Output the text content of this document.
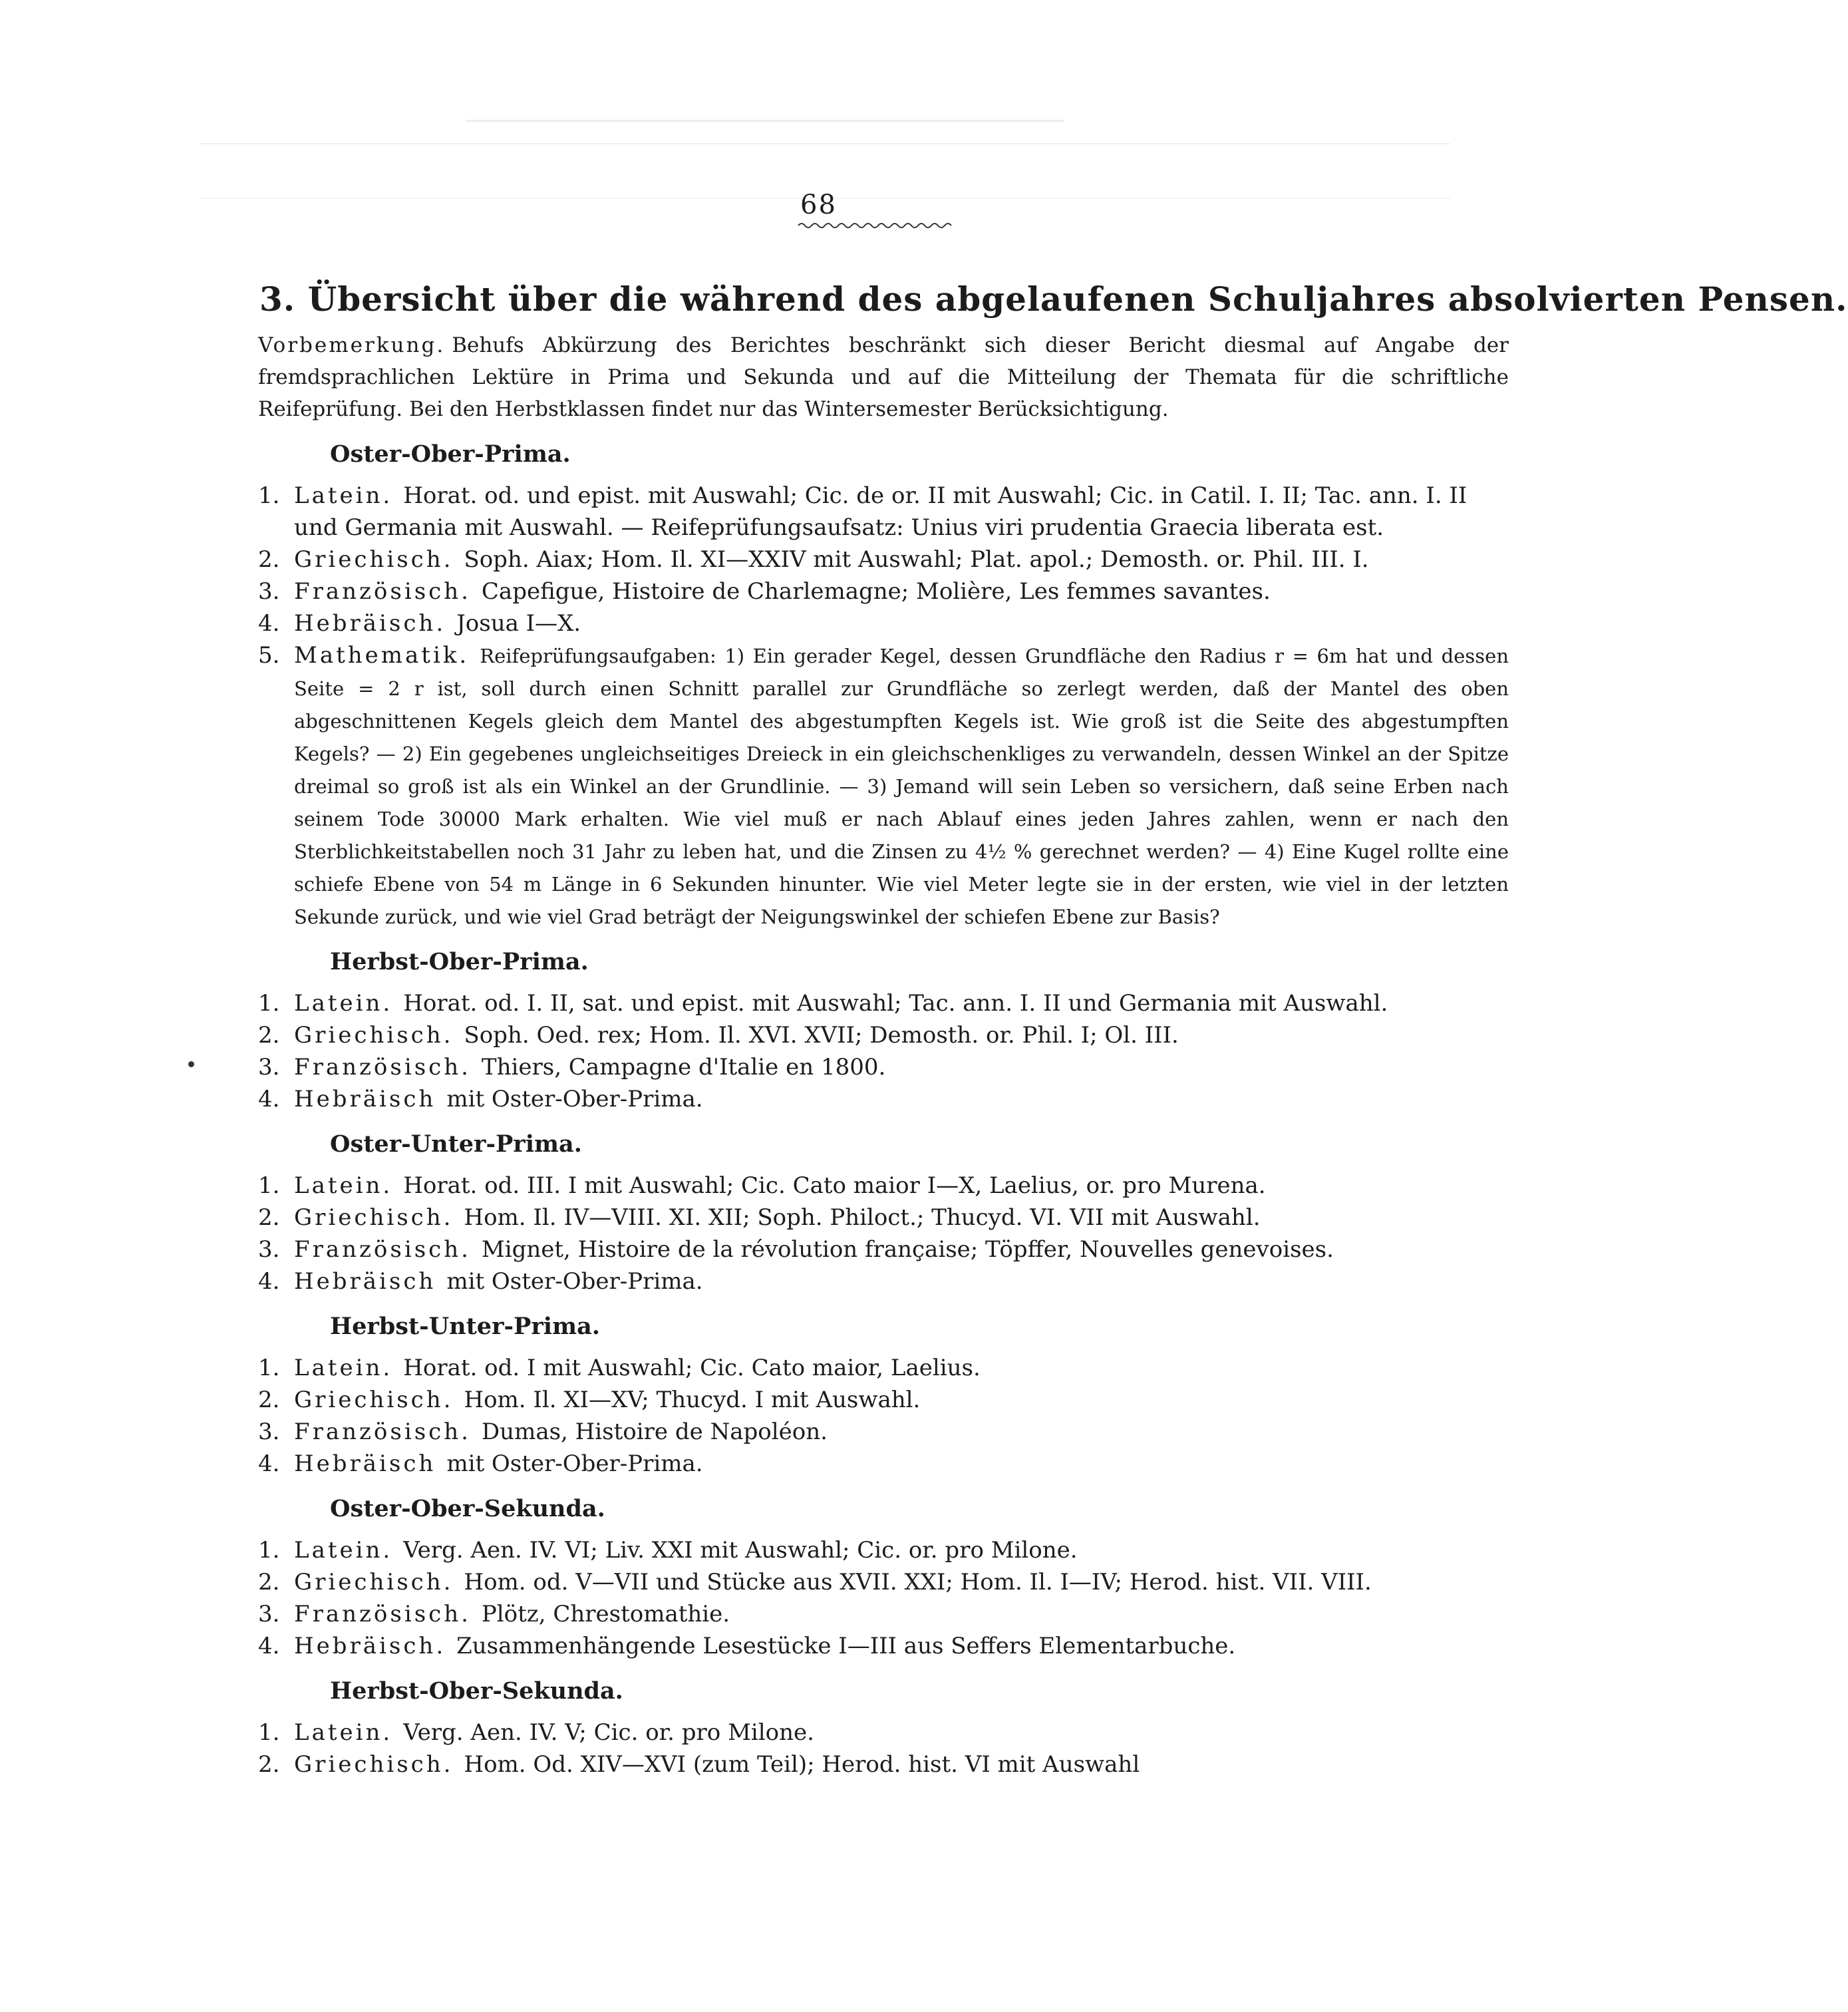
68
3. Übersicht über die während des abgelaufenen Schuljahres absolvierten Pensen.

Vorbemerkung. Behufs Abkürzung des Berichtes beschränkt sich dieser Bericht diesmal auf Angabe der fremdsprachlichen Lektüre in Prima und Sekunda und auf die Mitteilung der Themata für die schriftliche Reifeprüfung. Bei den Herbstklassen findet nur das Wintersemester Berücksichtigung.

Oster-Ober-Prima.
1. Latein. Horat. od. und epist. mit Auswahl; Cic. de or. II mit Auswahl; Cic. in Catil. I. II; Tac. ann. I. II und Germania mit Auswahl. — Reifeprüfungsaufsatz: Unius viri prudentia Graecia liberata est.
2. Griechisch. Soph. Aiax; Hom. Il. XI—XXIV mit Auswahl; Plat. apol.; Demosth. or. Phil. III. I.
3. Französisch. Capefigue, Histoire de Charlemagne; Molière, Les femmes savantes.
4. Hebräisch. Josua I—X.
5. Mathematik. Reifeprüfungsaufgaben: 1) Ein gerader Kegel, dessen Grundfläche den Radius r = 6m hat und dessen Seite = 2 r ist, soll durch einen Schnitt parallel zur Grundfläche so zerlegt werden, daß der Mantel des oben abgeschnittenen Kegels gleich dem Mantel des abgestumpften Kegels ist. Wie groß ist die Seite des abgestumpften Kegels? — 2) Ein gegebenes ungleichseitiges Dreieck in ein gleichschenkliges zu verwandeln, dessen Winkel an der Spitze dreimal so groß ist als ein Winkel an der Grundlinie. — 3) Jemand will sein Leben so versichern, daß seine Erben nach seinem Tode 30000 Mark erhalten. Wie viel muß er nach Ablauf eines jeden Jahres zahlen, wenn er nach den Sterblichkeitstabellen noch 31 Jahr zu leben hat, und die Zinsen zu 4½ % gerechnet werden? — 4) Eine Kugel rollte eine schiefe Ebene von 54 m Länge in 6 Sekunden hinunter. Wie viel Meter legte sie in der ersten, wie viel in der letzten Sekunde zurück, und wie viel Grad beträgt der Neigungswinkel der schiefen Ebene zur Basis?
Herbst-Ober-Prima.
1. Latein. Horat. od. I. II, sat. und epist. mit Auswahl; Tac. ann. I. II und Germania mit Auswahl.
2. Griechisch. Soph. Oed. rex; Hom. Il. XVI. XVII; Demosth. or. Phil. I; Ol. III.
3. Französisch. Thiers, Campagne d'Italie en 1800.
4. Hebräisch mit Oster-Ober-Prima.
Oster-Unter-Prima.
1. Latein. Horat. od. III. I mit Auswahl; Cic. Cato maior I—X, Laelius, or. pro Murena.
2. Griechisch. Hom. Il. IV—VIII. XI. XII; Soph. Philoct.; Thucyd. VI. VII mit Auswahl.
3. Französisch. Mignet, Histoire de la révolution française; Töpffer, Nouvelles genevoises.
4. Hebräisch mit Oster-Ober-Prima.
Herbst-Unter-Prima.
1. Latein. Horat. od. I mit Auswahl; Cic. Cato maior, Laelius.
2. Griechisch. Hom. Il. XI—XV; Thucyd. I mit Auswahl.
3. Französisch. Dumas, Histoire de Napoléon.
4. Hebräisch mit Oster-Ober-Prima.
Oster-Ober-Sekunda.
1. Latein. Verg. Aen. IV. VI; Liv. XXI mit Auswahl; Cic. or. pro Milone.
2. Griechisch. Hom. od. V—VII und Stücke aus XVII. XXI; Hom. Il. I—IV; Herod. hist. VII. VIII.
3. Französisch. Plötz, Chrestomathie.
4. Hebräisch. Zusammenhängende Lesestücke I—III aus Seffers Elementarbuche.
Herbst-Ober-Sekunda.
1. Latein. Verg. Aen. IV. V; Cic. or. pro Milone.
2. Griechisch. Hom. Od. XIV—XVI (zum Teil); Herod. hist. VI mit Auswahl
